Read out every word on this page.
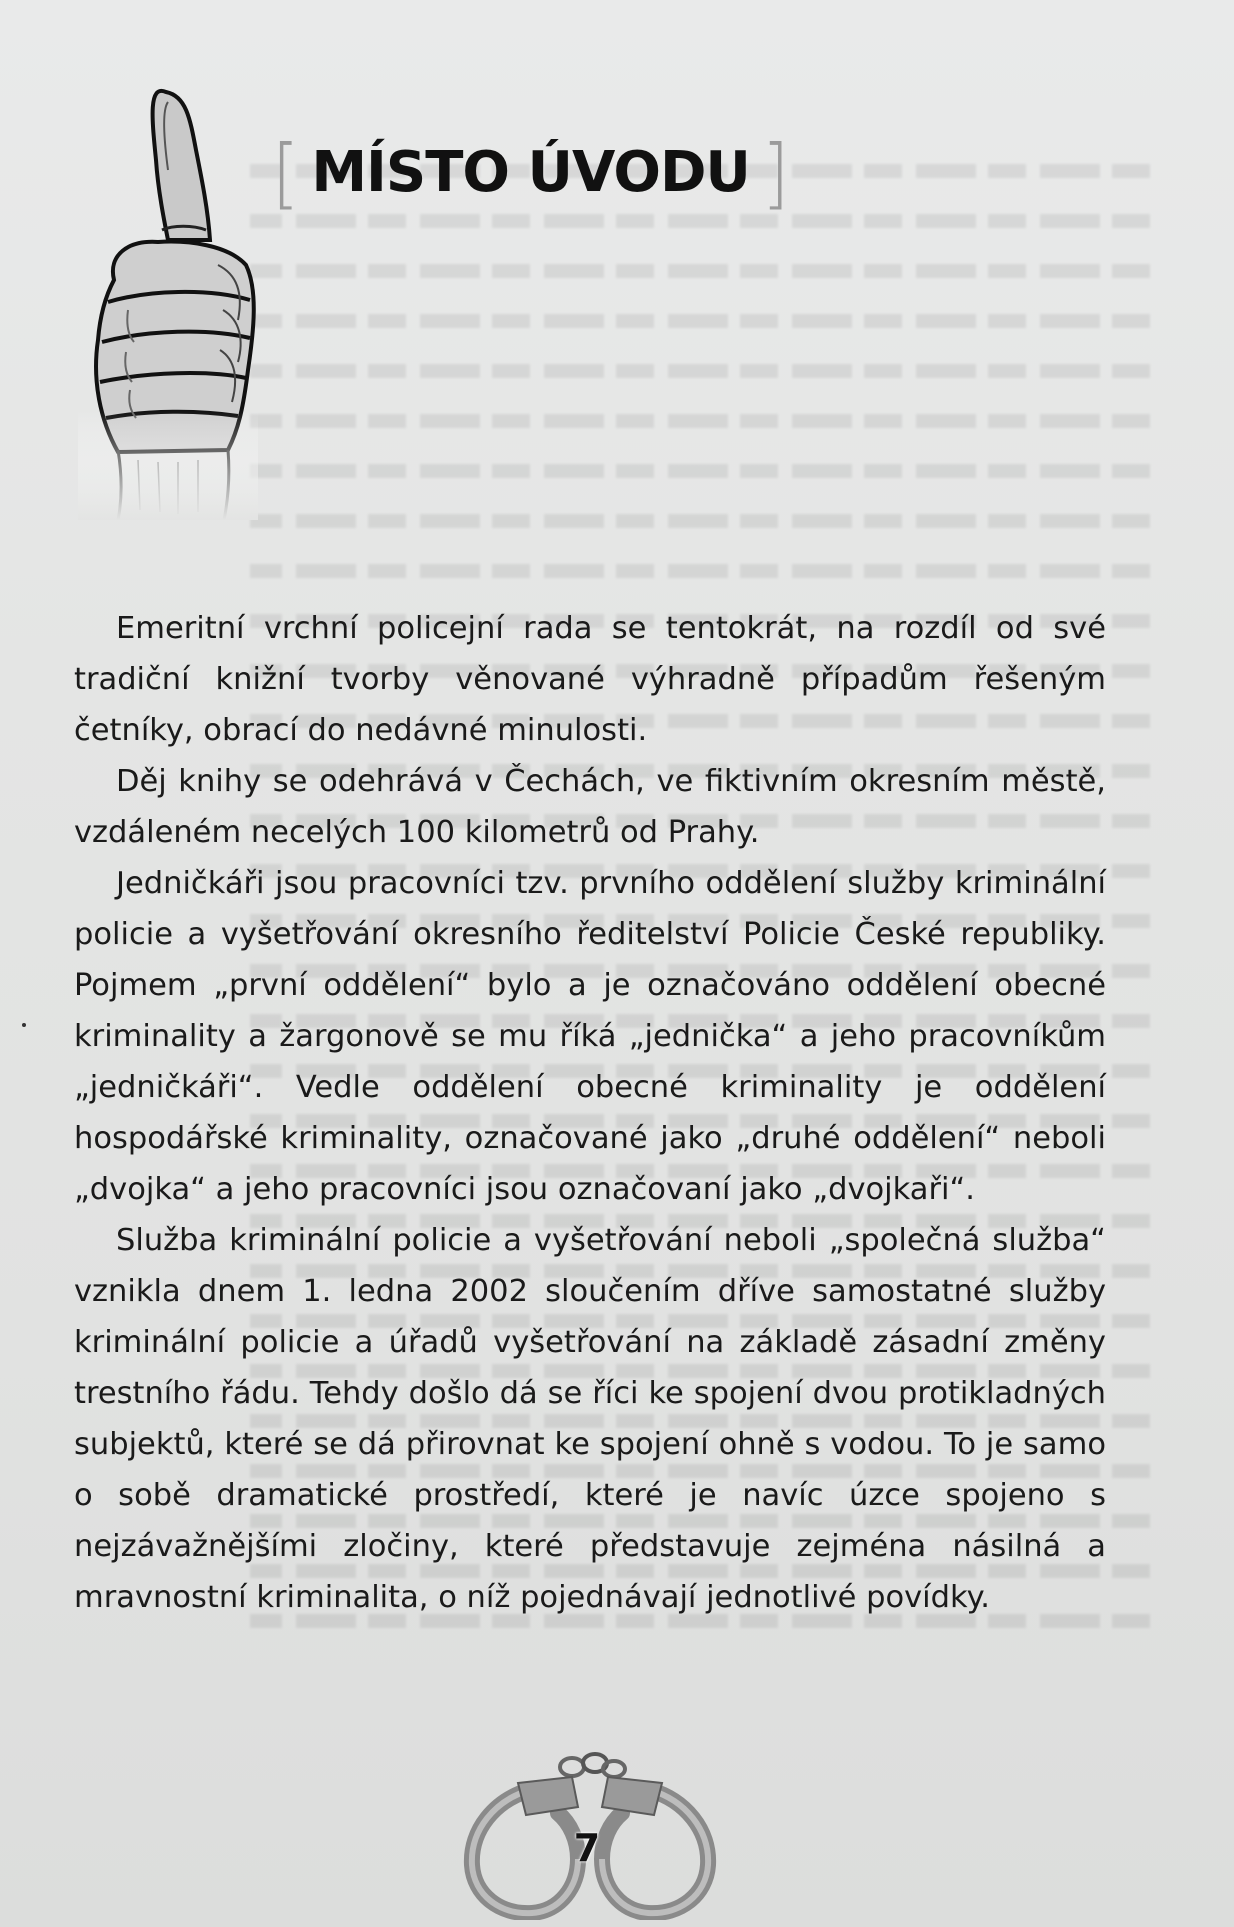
[ MÍSTO ÚVODU ]

Emeritní vrchní policejní rada se tentokrát, na rozdíl od své tradiční knižní tvorby věnované výhradně případům řešeným četníky, obrací do nedávné minulosti.

Děj knihy se odehrává v Čechách, ve fiktivním okresním městě, vzdáleném necelých 100 kilometrů od Prahy.

Jedničkáři jsou pracovníci tzv. prvního oddělení služby kriminální policie a vyšetřování okresního ředitelství Policie České republiky. Pojmem „první oddělení“ bylo a je označováno oddělení obecné kriminality a žargonově se mu říká „jednička“ a jeho pracovníkům „jedničkáři“. Vedle oddělení obecné kriminality je oddělení hospodářské kriminality, označované jako „druhé oddělení“ neboli „dvojka“ a jeho pracovníci jsou označovaní jako „dvojkaři“.

Služba kriminální policie a vyšetřování neboli „společná služba“ vznikla dnem 1. ledna 2002 sloučením dříve samostatné služby kriminální policie a úřadů vyšetřování na základě zásadní změny trestního řádu. Tehdy došlo dá se říci ke spojení dvou protikladných subjektů, které se dá přirovnat ke spojení ohně s vodou. To je samo o sobě dramatické prostředí, které je navíc úzce spojeno s nejzávažnějšími zločiny, které představuje zejména násilná a mravnostní kriminalita, o níž pojednávají jednotlivé povídky.

7
